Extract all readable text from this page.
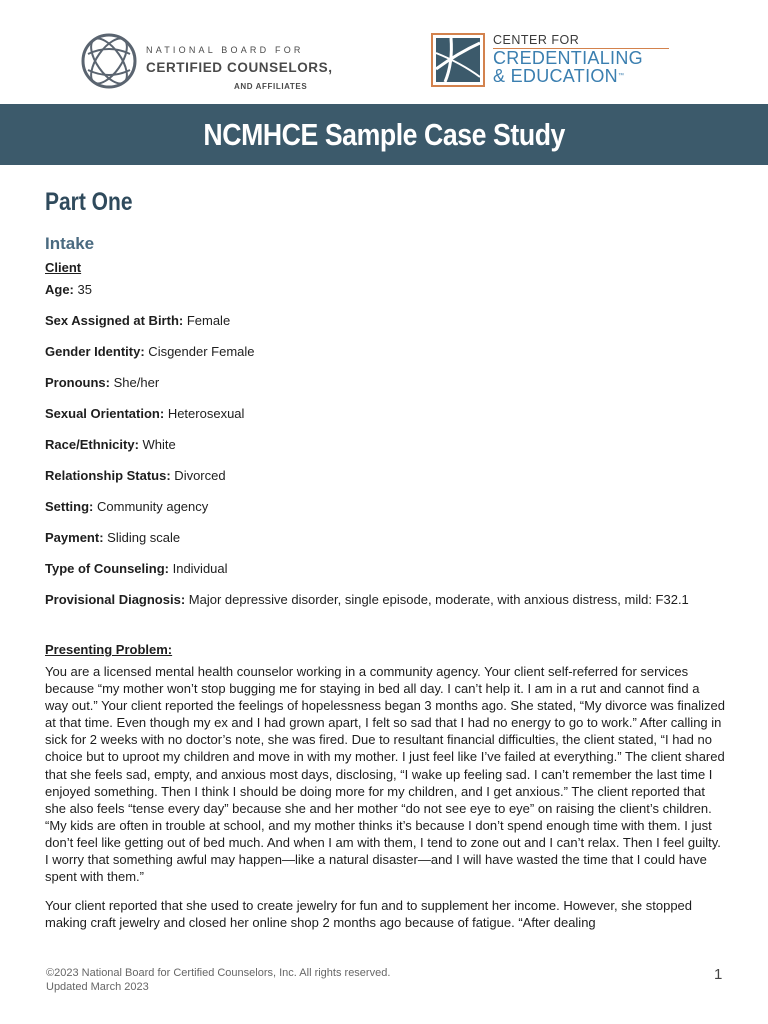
NATIONAL BOARD FOR
CERTIFIED COUNSELORS,
AND AFFILIATES
CENTER FOR
CREDENTIALING
& EDUCATION™
NCMHCE Sample Case Study
Part One
Intake
Client
Age: 35
Sex Assigned at Birth: Female
Gender Identity: Cisgender Female
Pronouns: She/her
Sexual Orientation: Heterosexual
Race/Ethnicity: White
Relationship Status: Divorced
Setting: Community agency
Payment: Sliding scale
Type of Counseling: Individual
Provisional Diagnosis: Major depressive disorder, single episode, moderate, with anxious distress, mild: F32.1
Presenting Problem:

You are a licensed mental health counselor working in a community agency. Your client self-referred for services because “my mother won’t stop bugging me for staying in bed all day. I can’t help it. I am in a rut and cannot find a way out.” Your client reported the feelings of hopelessness began 3 months ago. She stated, “My divorce was finalized at that time. Even though my ex and I had grown apart, I felt so sad that I had no energy to go to work.” After calling in sick for 2 weeks with no doctor’s note, she was fired. Due to resultant financial difficulties, the client stated, “I had no choice but to uproot my children and move in with my mother. I just feel like I’ve failed at everything.” The client shared that she feels sad, empty, and anxious most days, disclosing, “I wake up feeling sad. I can’t remember the last time I enjoyed something. Then I think I should be doing more for my children, and I get anxious.” The client reported that she also feels “tense every day” because she and her mother “do not see eye to eye” on raising the client’s children. “My kids are often in trouble at school, and my mother thinks it’s because I don’t spend enough time with them. I just don’t feel like getting out of bed much. And when I am with them, I tend to zone out and I can’t relax. Then I feel guilty. I worry that something awful may happen—like a natural disaster—and I will have wasted the time that I could have spent with them.”

Your client reported that she used to create jewelry for fun and to supplement her income. However, she stopped making craft jewelry and closed her online shop 2 months ago because of fatigue. “After dealing

©2023 National Board for Certified Counselors, Inc. All rights reserved.
Updated March 2023
1
